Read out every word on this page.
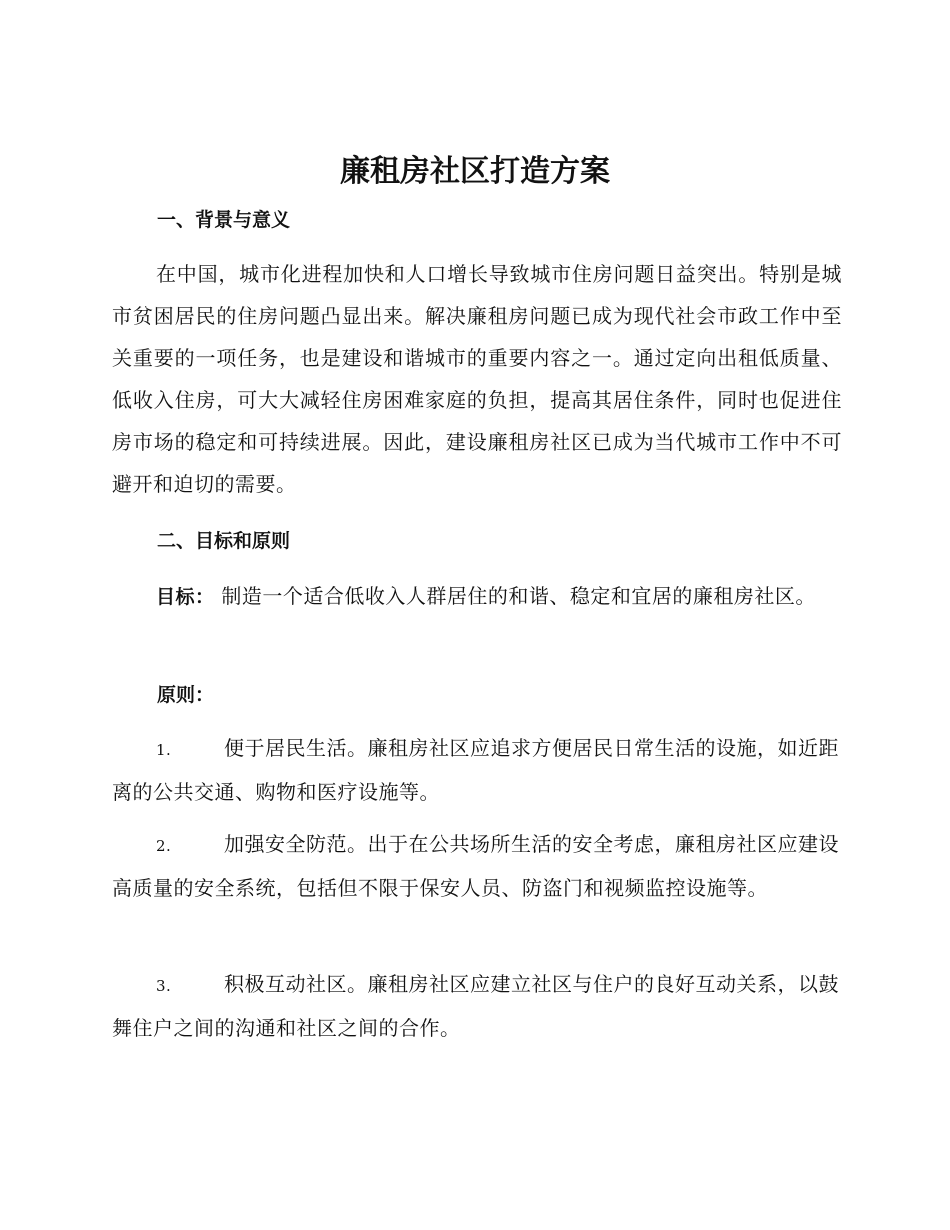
廉租房社区打造方案
一、背景与意义

在中国，城市化进程加快和人口增长导致城市住房问题日益突出。特别是城市贫困居民的住房问题凸显出来。解决廉租房问题已成为现代社会市政工作中至关重要的一项任务，也是建设和谐城市的重要内容之一。通过定向出租低质量、低收入住房，可大大减轻住房困难家庭的负担，提高其居住条件，同时也促进住房市场的稳定和可持续进展。因此，建设廉租房社区已成为当代城市工作中不可避开和迫切的需要。

二、目标和原则

目标： 制造一个适合低收入人群居住的和谐、稳定和宜居的廉租房社区。

原则：

1.	便于居民生活。廉租房社区应追求方便居民日常生活的设施，如近距离的公共交通、购物和医疗设施等。

2.	加强安全防范。出于在公共场所生活的安全考虑，廉租房社区应建设高质量的安全系统，包括但不限于保安人员、防盗门和视频监控设施等。

3.	积极互动社区。廉租房社区应建立社区与住户的良好互动关系，以鼓舞住户之间的沟通和社区之间的合作。
